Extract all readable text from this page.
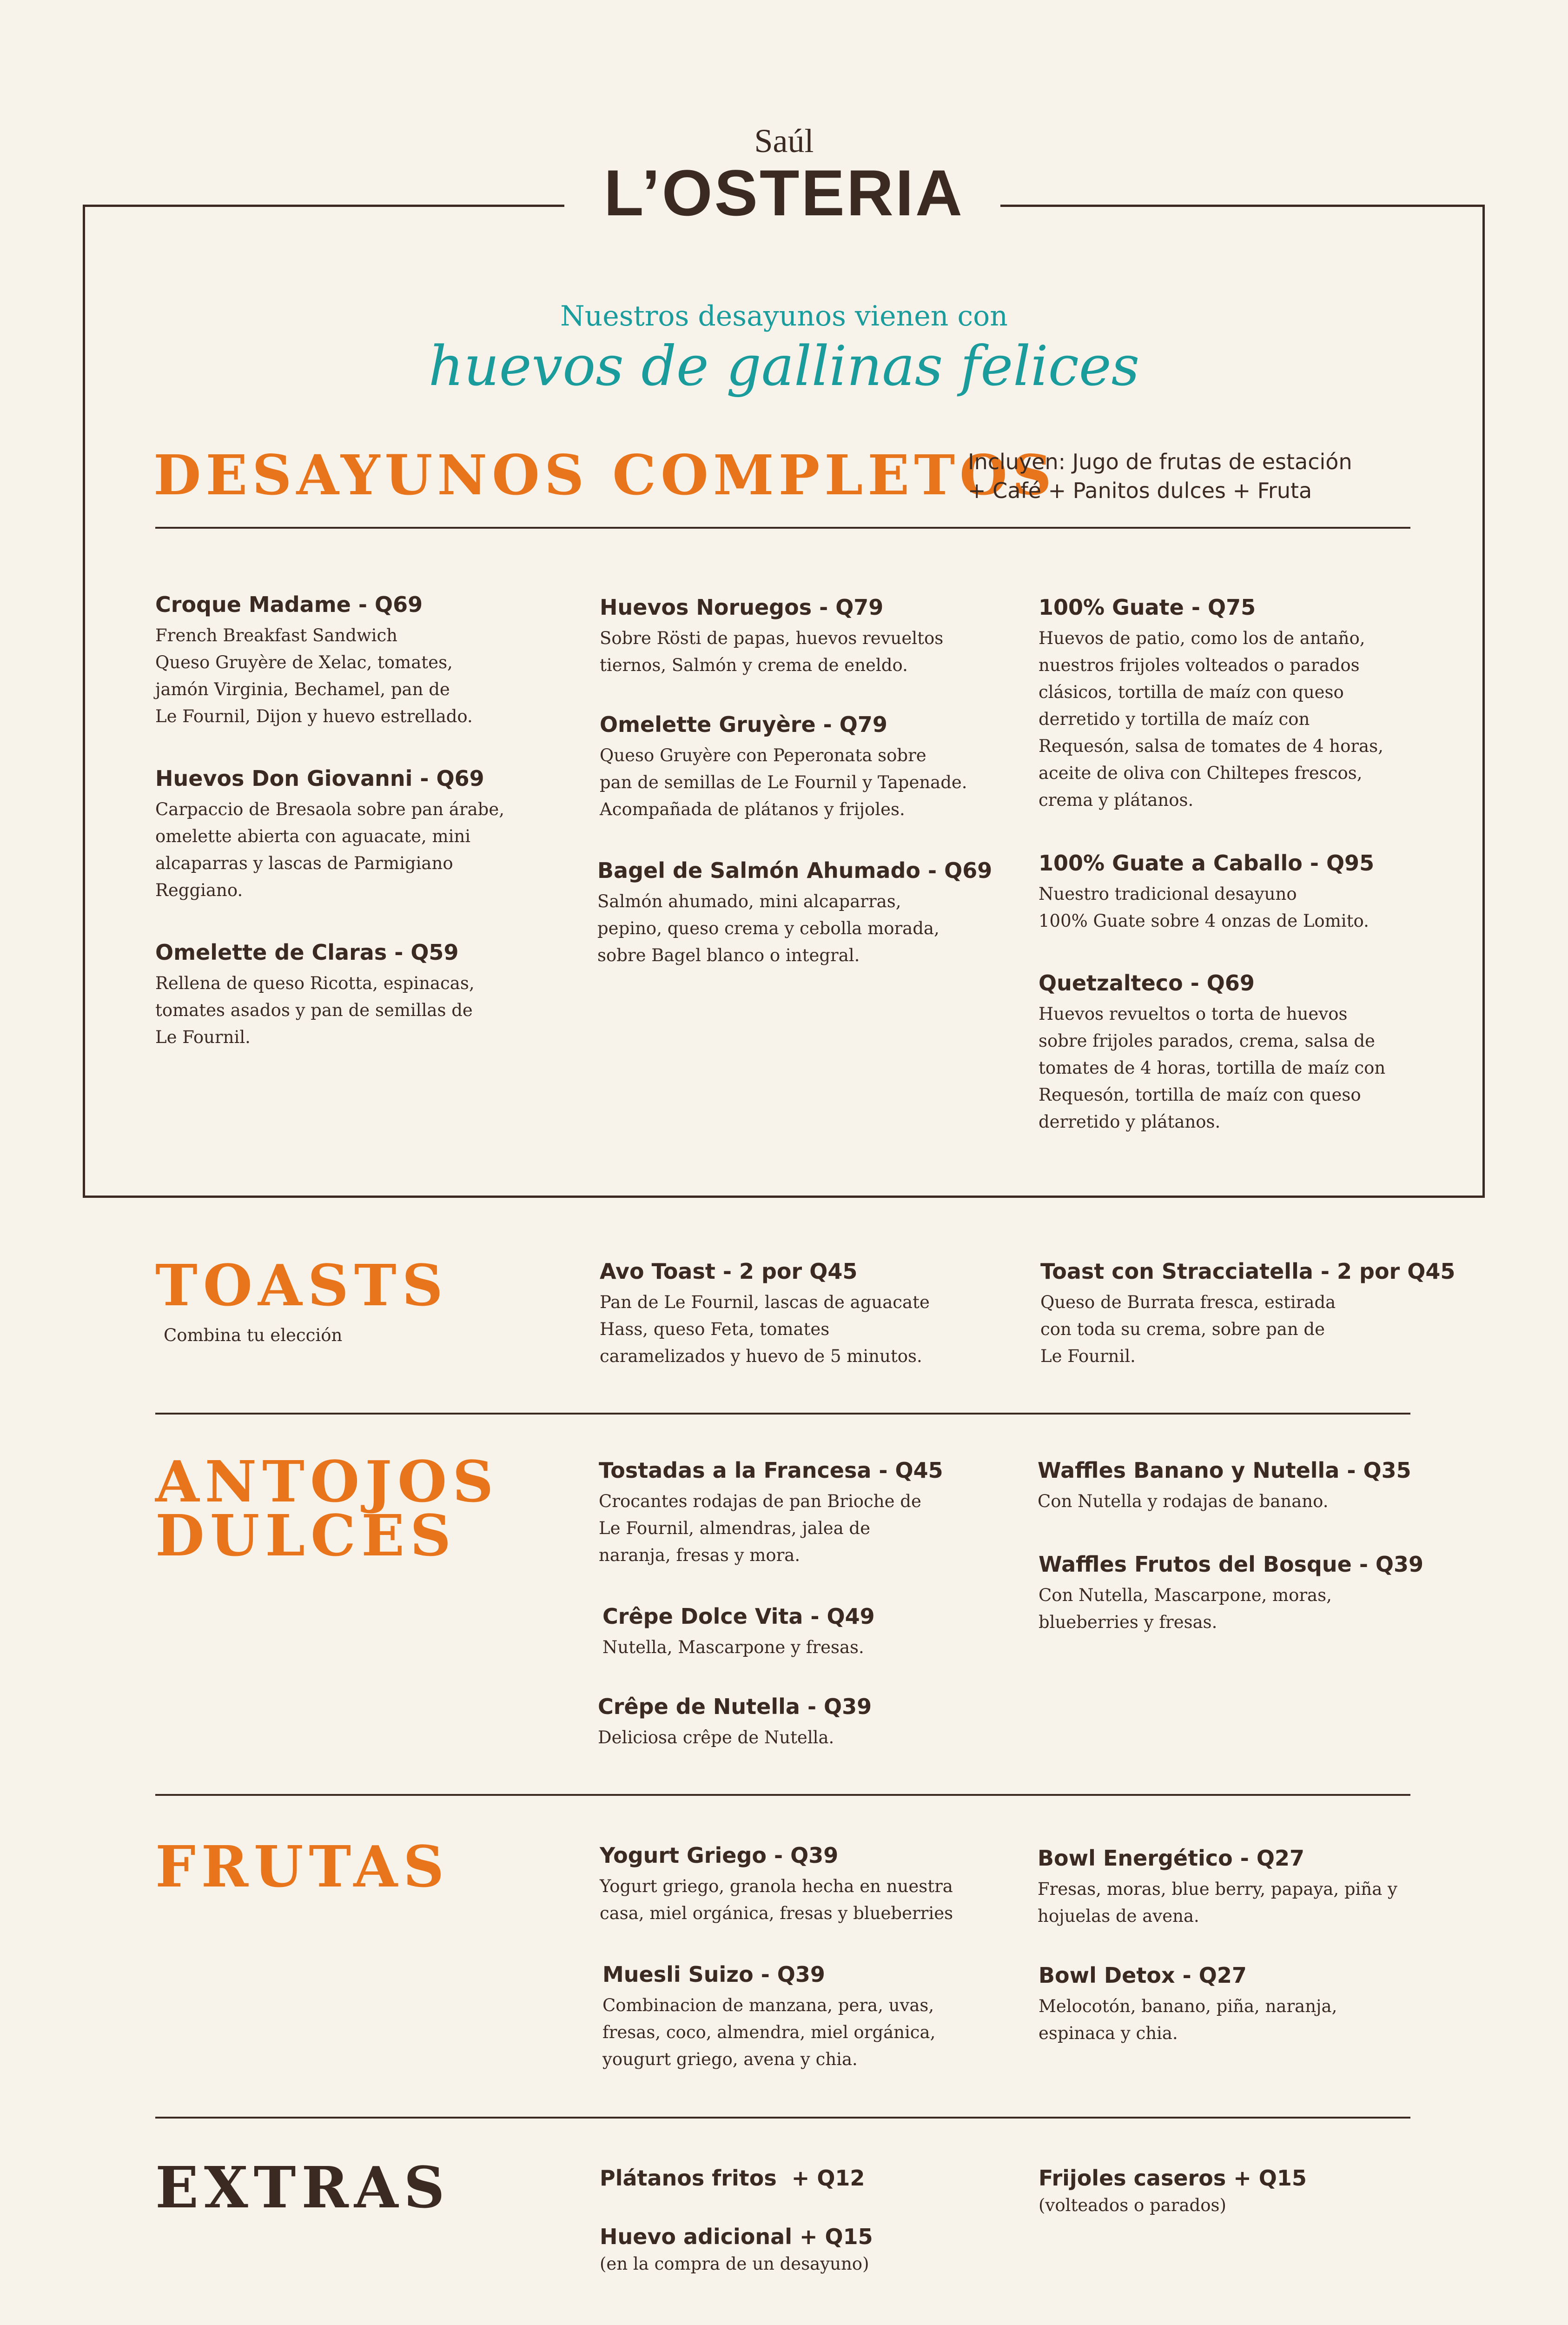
Saúl
L’OSTERIA
Nuestros desayunos vienen con
huevos de gallinas felices
DESAYUNOS COMPLETOS
Incluyen: Jugo de frutas de estación
+ Café + Panitos dulces + Fruta
Croque Madame - Q69
French Breakfast Sandwich
Queso Gruyère de Xelac, tomates,
jamón Virginia, Bechamel, pan de
Le Fournil, Dijon y huevo estrellado.
Huevos Don Giovanni - Q69
Carpaccio de Bresaola sobre pan árabe,
omelette abierta con aguacate, mini
alcaparras y lascas de Parmigiano
Reggiano.
Omelette de Claras - Q59
Rellena de queso Ricotta, espinacas,
tomates asados y pan de semillas de
Le Fournil.
Huevos Noruegos - Q79
Sobre Rösti de papas, huevos revueltos
tiernos, Salmón y crema de eneldo.
Omelette Gruyère - Q79
Queso Gruyère con Peperonata sobre
pan de semillas de Le Fournil y Tapenade.
Acompañada de plátanos y frijoles.
Bagel de Salmón Ahumado - Q69
Salmón ahumado, mini alcaparras,
pepino, queso crema y cebolla morada,
sobre Bagel blanco o integral.
100% Guate - Q75
Huevos de patio, como los de antaño,
nuestros frijoles volteados o parados
clásicos, tortilla de maíz con queso
derretido y tortilla de maíz con
Requesón, salsa de tomates de 4 horas,
aceite de oliva con Chiltepes frescos,
crema y plátanos.
100% Guate a Caballo - Q95
Nuestro tradicional desayuno
100% Guate sobre 4 onzas de Lomito.
Quetzalteco - Q69
Huevos revueltos o torta de huevos
sobre frijoles parados, crema, salsa de
tomates de 4 horas, tortilla de maíz con
Requesón, tortilla de maíz con queso
derretido y plátanos.
TOASTS
Combina tu elección
Avo Toast - 2 por Q45
Pan de Le Fournil, lascas de aguacate
Hass, queso Feta, tomates
caramelizados y huevo de 5 minutos.
Toast con Stracciatella - 2 por Q45
Queso de Burrata fresca, estirada
con toda su crema, sobre pan de
Le Fournil.
ANTOJOS
DULCES
Tostadas a la Francesa - Q45
Crocantes rodajas de pan Brioche de
Le Fournil, almendras, jalea de
naranja, fresas y mora.
Crêpe Dolce Vita - Q49
Nutella, Mascarpone y fresas.
Crêpe de Nutella - Q39
Deliciosa crêpe de Nutella.
Waffles Banano y Nutella - Q35
Con Nutella y rodajas de banano.
Waffles Frutos del Bosque - Q39
Con Nutella, Mascarpone, moras,
blueberries y fresas.
FRUTAS	Yogurt Griego - Q39
Yogurt griego, granola hecha en nuestra
casa, miel orgánica, fresas y blueberries
Muesli Suizo - Q39
Combinacion de manzana, pera, uvas,
fresas, coco, almendra, miel orgánica,
yougurt griego, avena y chia.
Bowl Energético - Q27
Fresas, moras, blue berry, papaya, piña y
hojuelas de avena.
Bowl Detox - Q27
Melocotón, banano, piña, naranja,
espinaca y chia.
EXTRAS	Plátanos fritos  + Q12
Huevo adicional + Q15
(en la compra de un desayuno)
Frijoles caseros + Q15
(volteados o parados)
